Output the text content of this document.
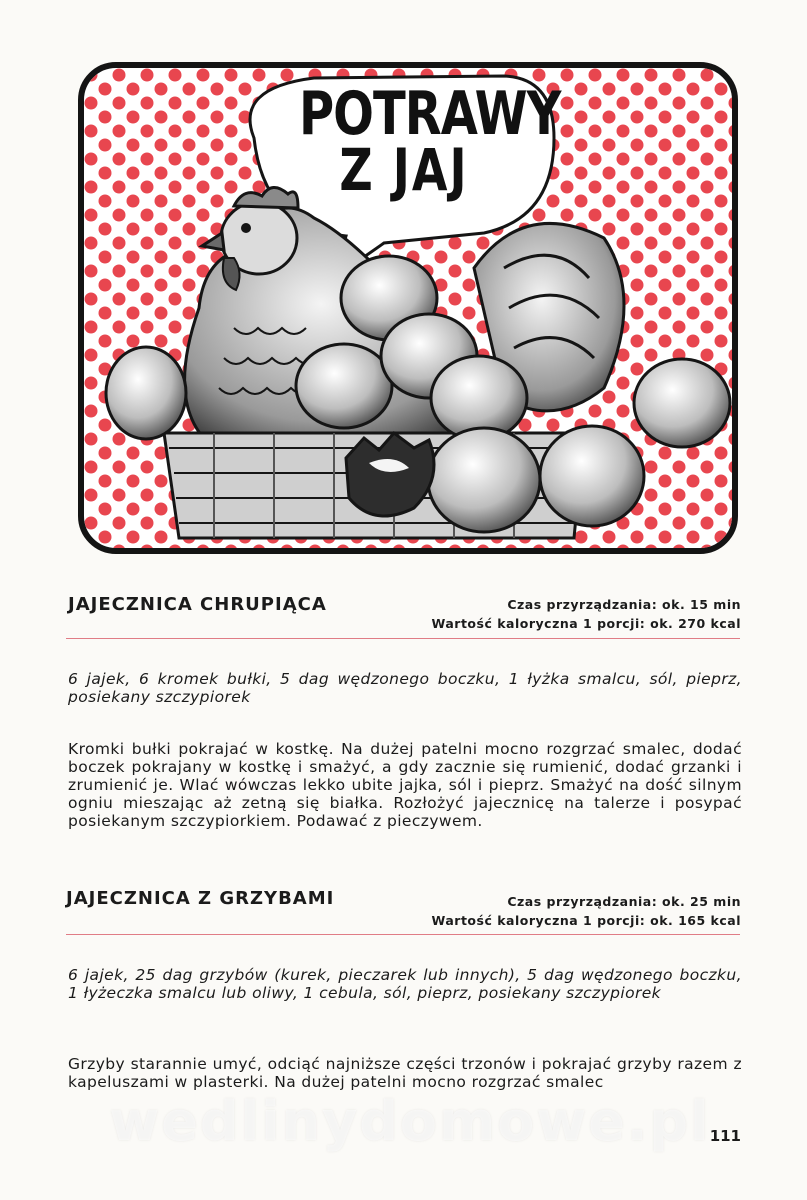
POTRAWY
Z JAJ
JAJECZNICA CHRUPIĄCA	Czas przyrządzania: ok. 15 min
Wartość kaloryczna 1 porcji: ok. 270 kcal
6 jajek, 6 kromek bułki, 5 dag wędzonego boczku, 1 łyżka smalcu, sól, pieprz, posiekany szczypiorek
Kromki bułki pokrajać w kostkę. Na dużej patelni mocno rozgrzać smalec, dodać boczek pokrajany w kostkę i smażyć, a gdy zacznie się rumienić, dodać grzanki i zrumienić je. Wlać wówczas lekko ubite jajka, sól i pieprz. Smażyć na dość silnym ogniu mieszając aż zetną się białka. Rozłożyć jajecznicę na talerze i posypać posiekanym szczypiorkiem. Podawać z pieczywem.
JAJECZNICA Z GRZYBAMI	Czas przyrządzania: ok. 25 min
Wartość kaloryczna 1 porcji: ok. 165 kcal
6 jajek, 25 dag grzybów (kurek, pieczarek lub innych), 5 dag wędzonego boczku, 1 łyżeczka smalcu lub oliwy, 1 cebula, sól, pieprz, posiekany szczypiorek
Grzyby starannie umyć, odciąć najniższe części trzonów i pokrajać grzyby razem z kapeluszami w plasterki. Na dużej patelni mocno rozgrzać smalec
wedlinydomowe.pl 111
